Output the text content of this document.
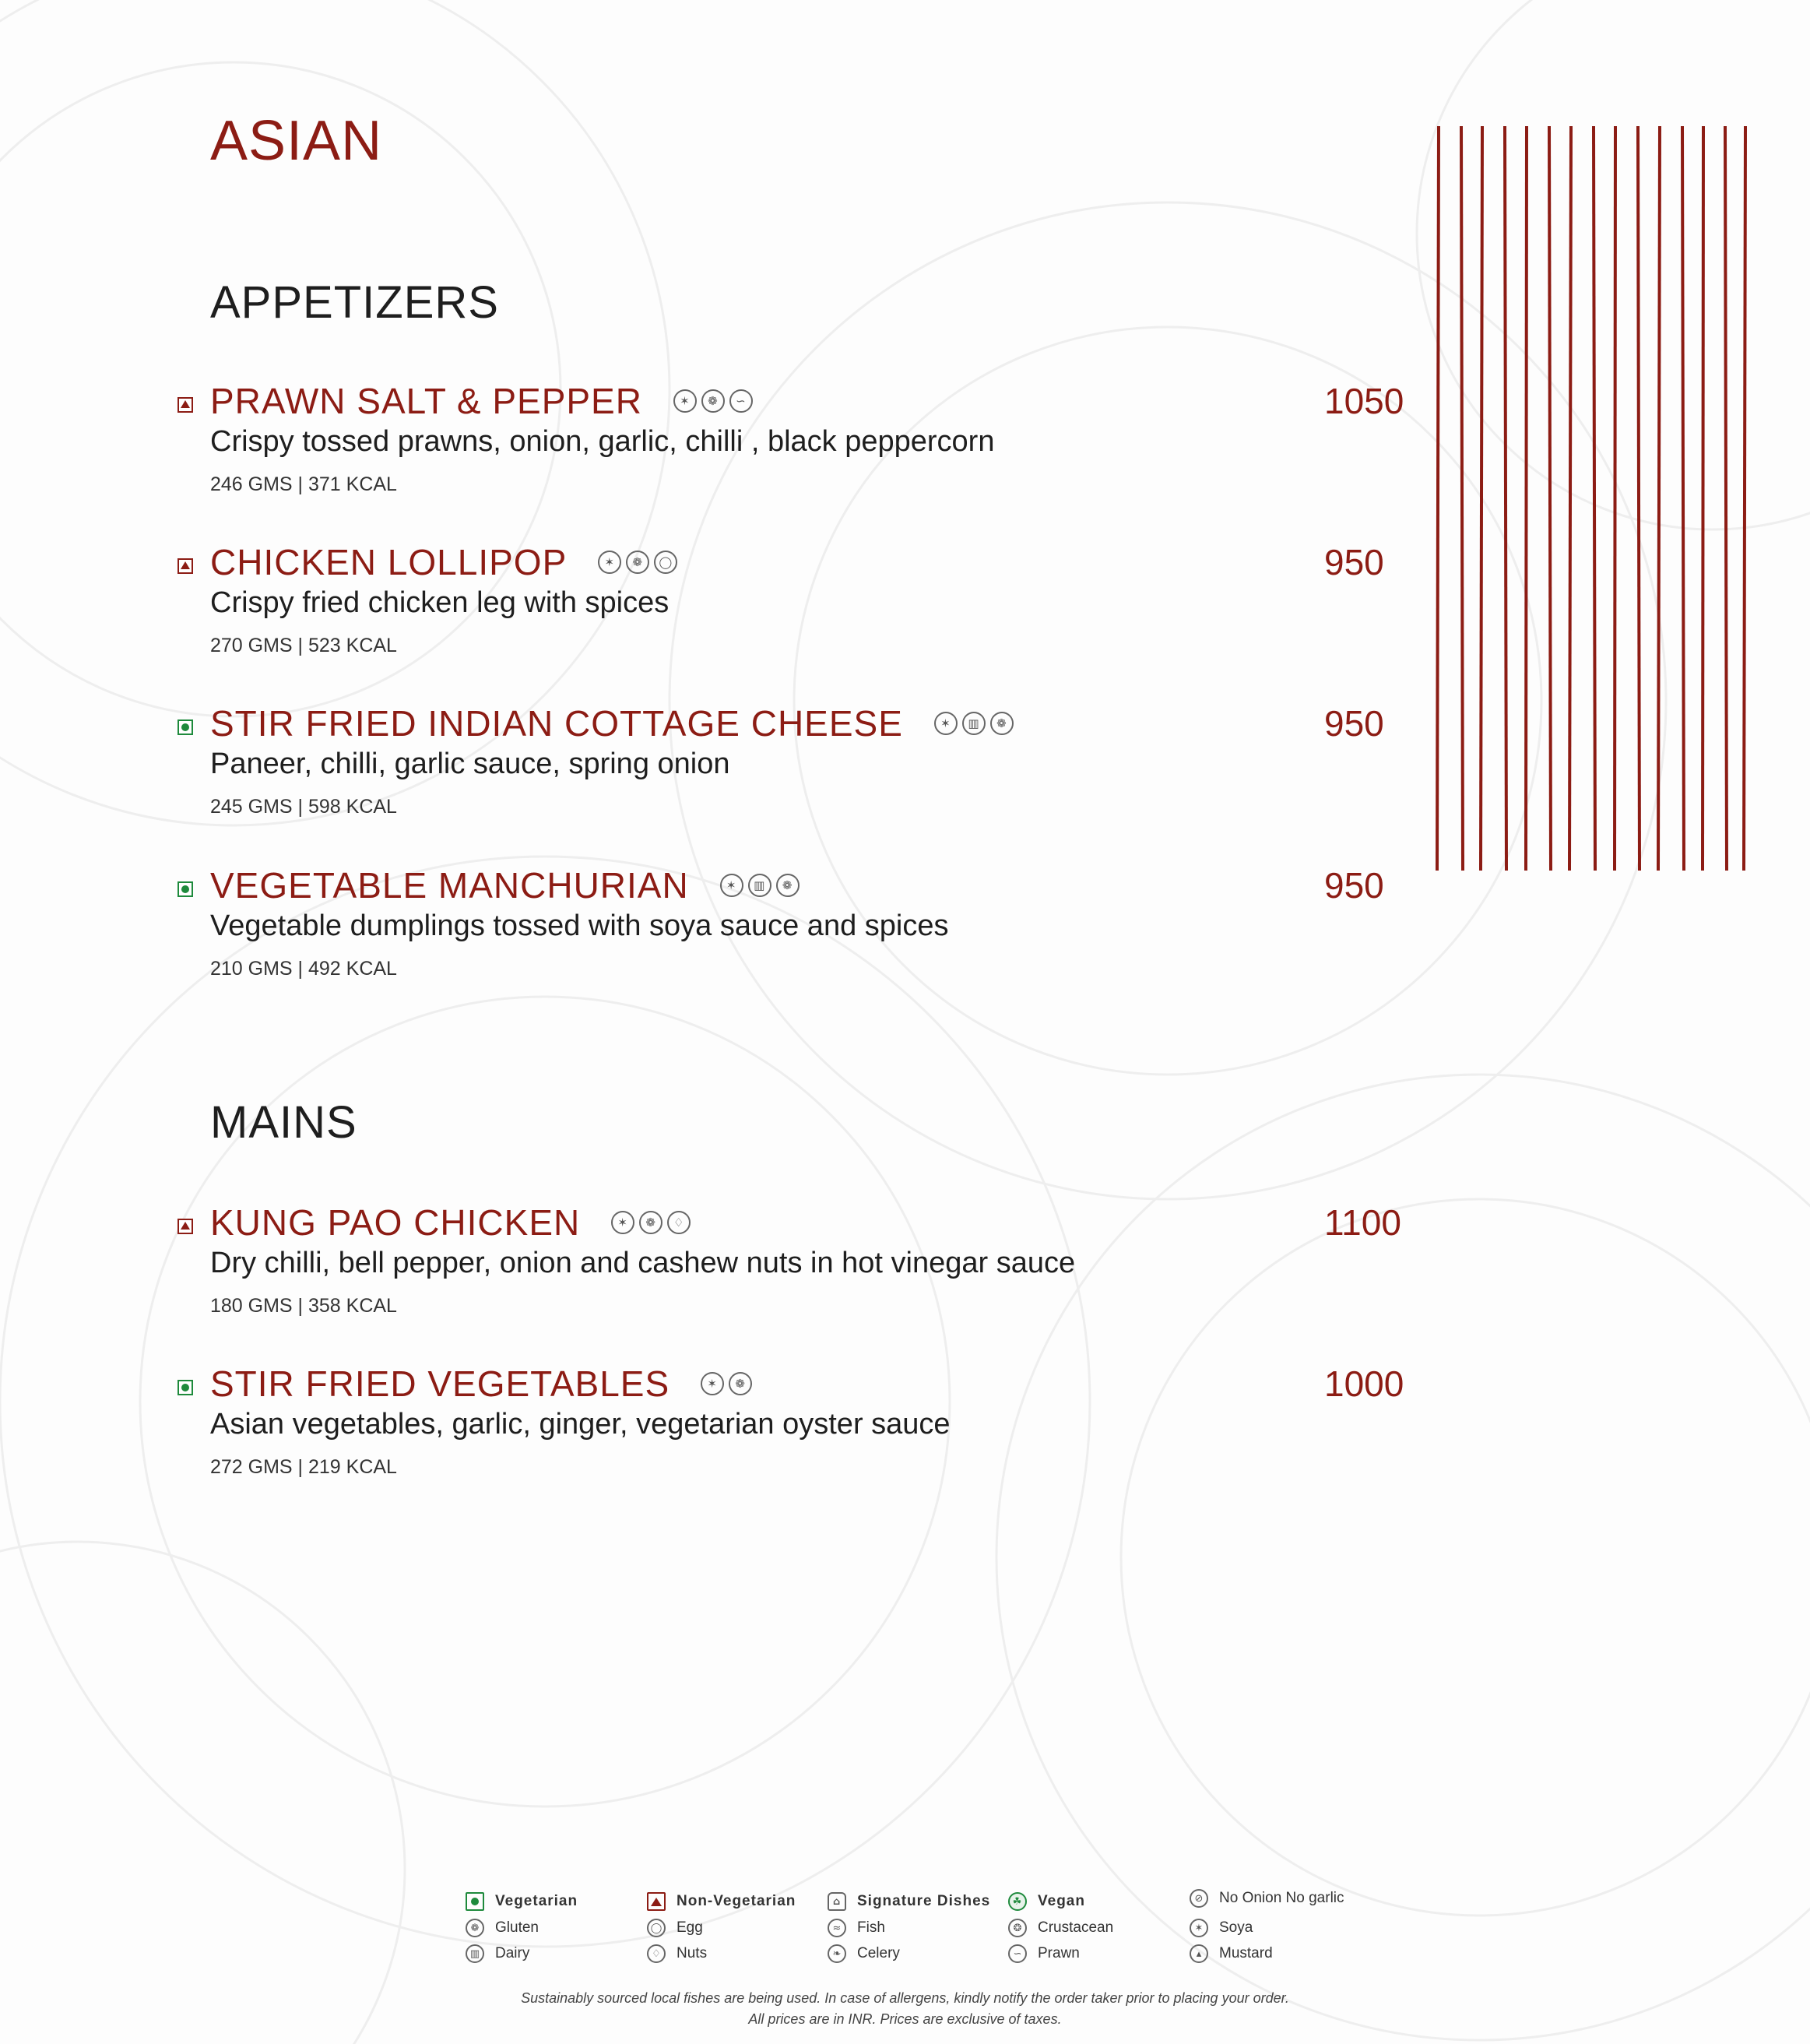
ASIAN
APPETIZERS
PRAWN SALT & PEPPER	✶	❁	∽	1050
Crispy tossed prawns, onion, garlic, chilli , black peppercorn
246 GMS | 371 KCAL
CHICKEN LOLLIPOP	✶	❁	◯	950
Crispy fried chicken leg with spices
270 GMS | 523 KCAL
STIR FRIED INDIAN COTTAGE CHEESE	✶	▥	❁	950
Paneer, chilli, garlic sauce, spring onion
245 GMS | 598 KCAL
VEGETABLE MANCHURIAN	✶	▥	❁	950
Vegetable dumplings tossed with soya sauce and spices
210 GMS | 492 KCAL
MAINS
KUNG PAO CHICKEN	✶	❁	♢	1100
Dry chilli, bell pepper, onion and cashew nuts in hot vinegar sauce
180 GMS | 358 KCAL
STIR FRIED VEGETABLES	✶	❁	1000
Asian vegetables, garlic, ginger, vegetarian oyster sauce
272 GMS | 219 KCAL
Vegetarian	Non-Vegetarian	⌂	Signature Dishes	☘ Vegan	⊘	No Onion No garlic
❁	Gluten	◯ Egg	≈	Fish	❂	Crustacean	✶	Soya
▥	Dairy	♢	Nuts	❧	Celery	∽	Prawn	▴	Mustard
Sustainably sourced local fishes are being used. In case of allergens, kindly notify the order taker prior to placing your order.
All prices are in INR. Prices are exclusive of taxes.
